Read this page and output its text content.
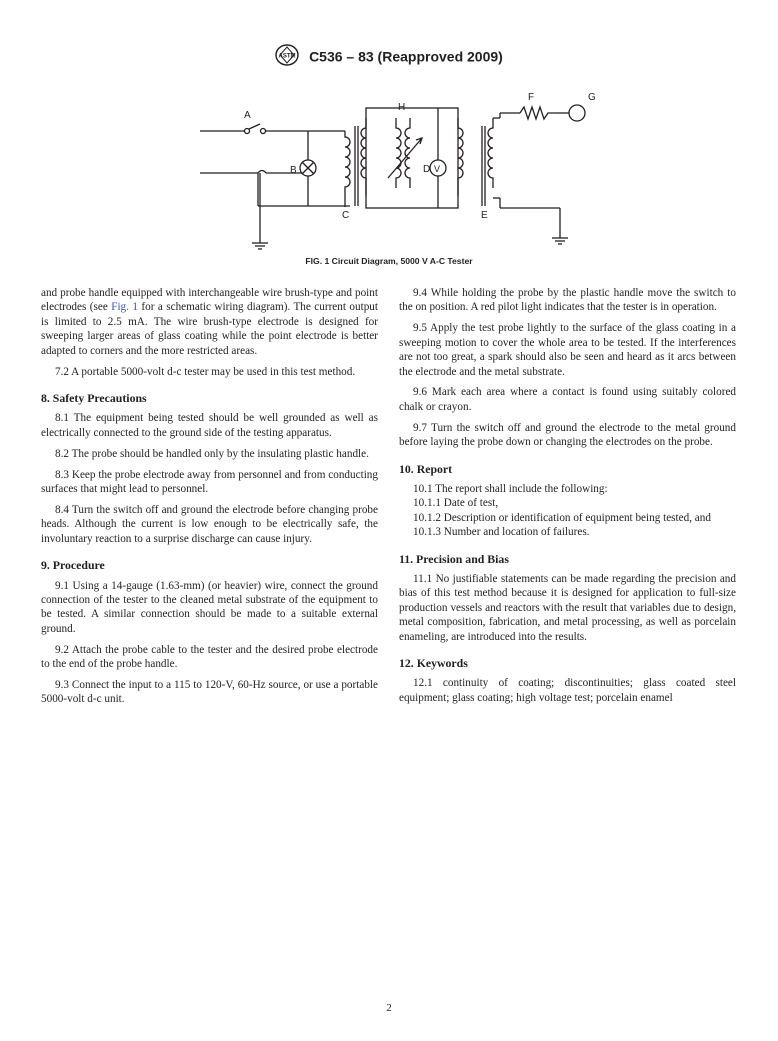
ASTM C536 – 83 (Reapproved 2009)
A
B
C
D V
E
F	G
H
FIG. 1 Circuit Diagram, 5000 V A-C Tester

and probe handle equipped with interchangeable wire brush-type and point electrodes (see Fig. 1 for a schematic wiring diagram). The current output is limited to 2.5 mA. The wire brush-type electrode is designed for sweeping larger areas of glass coating while the point electrode is better adapted to corners and the more restricted areas.

7.2 A portable 5000-volt d-c tester may be used in this test method.

8. Safety Precautions

8.1 The equipment being tested should be well grounded as well as electrically connected to the ground side of the testing apparatus.

8.2 The probe should be handled only by the insulating plastic handle.

8.3 Keep the probe electrode away from personnel and from conducting surfaces that might lead to personnel.

8.4 Turn the switch off and ground the electrode before changing probe heads. Although the current is low enough to be electrically safe, the involuntary reaction to a surprise discharge can cause injury.

9. Procedure

9.1 Using a 14-gauge (1.63-mm) (or heavier) wire, connect the ground connection of the tester to the cleaned metal substrate of the equipment to be tested. A similar connection should be made to a suitable external ground.

9.2 Attach the probe cable to the tester and the desired probe electrode to the end of the probe handle.

9.3 Connect the input to a 115 to 120-V, 60-Hz source, or use a portable 5000-volt d-c unit.

9.4 While holding the probe by the plastic handle move the switch to the on position. A red pilot light indicates that the tester is in operation.

9.5 Apply the test probe lightly to the surface of the glass coating in a sweeping motion to cover the whole area to be tested. If the interferences are not too great, a spark should also be seen and heard as it arcs between the electrode and the metal substrate.

9.6 Mark each area where a contact is found using suitably colored chalk or crayon.

9.7 Turn the switch off and ground the electrode to the metal ground before laying the probe down or changing the electrodes on the probe.

10. Report

10.1 The report shall include the following:

10.1.1 Date of test,

10.1.2 Description or identification of equipment being tested, and

10.1.3 Number and location of failures.

11. Precision and Bias

11.1 No justifiable statements can be made regarding the precision and bias of this test method because it is designed for application to full-size production vessels and reactors with the result that variables due to design, metal composition, fabrication, and metal processing, as well as porcelain enameling, are introduced into the results.

12. Keywords

12.1 continuity of coating; discontinuities; glass coated steel equipment; glass coating; high voltage test; porcelain enamel

2
